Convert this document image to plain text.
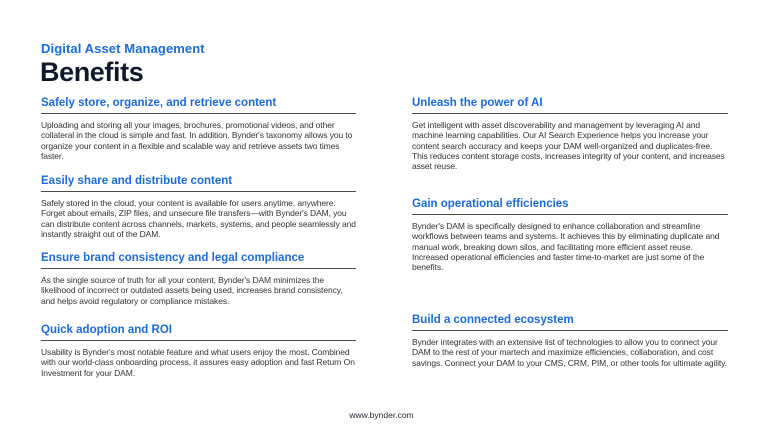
Digital Asset Management
Benefits
Safely store, organize, and retrieve content

Uploading and storing all your images, brochures, promotional videos, and other collateral in the cloud is simple and fast. In addition, Bynder's taxonomy allows you to organize your content in a flexible and scalable way and retrieve assets two times faster.

Easily share and distribute content

Safely stored in the cloud, your content is available for users anytime, anywhere. Forget about emails, ZIP files, and unsecure file transfers—with Bynder's DAM, you can distribute content across channels, markets, systems, and people seamlessly and instantly straight out of the DAM.

Ensure brand consistency and legal compliance

As the single source of truth for all your content, Bynder's DAM minimizes the likelihood of incorrect or outdated assets being used, increases brand consistency, and helps avoid regulatory or compliance mistakes.

Quick adoption and ROI

Usability is Bynder's most notable feature and what users enjoy the most. Combined with our world-class onboarding process, it assures easy adoption and fast Return On Investment for your DAM.

Unleash the power of AI

Get intelligent with asset discoverability and management by leveraging AI and machine learning capabilities. Our AI Search Experience helps you increase your content search accuracy and keeps your DAM well-organized and duplicates-free. This reduces content storage costs, increases integrity of your content, and increases asset reuse.

Gain operational efficiencies

Bynder's DAM is specifically designed to enhance collaboration and streamline workflows between teams and systems. It achieves this by eliminating duplicate and manual work, breaking down silos, and facilitating more efficient asset reuse. Increased operational efficiencies and faster time-to-market are just some of the benefits.

Build a connected ecosystem

Bynder integrates with an extensive list of technologies to allow you to connect your DAM to the rest of your martech and maximize efficiencies, collaboration, and cost savings. Connect your DAM to your CMS, CRM, PIM, or other tools for ultimate agility.

www.bynder.com
